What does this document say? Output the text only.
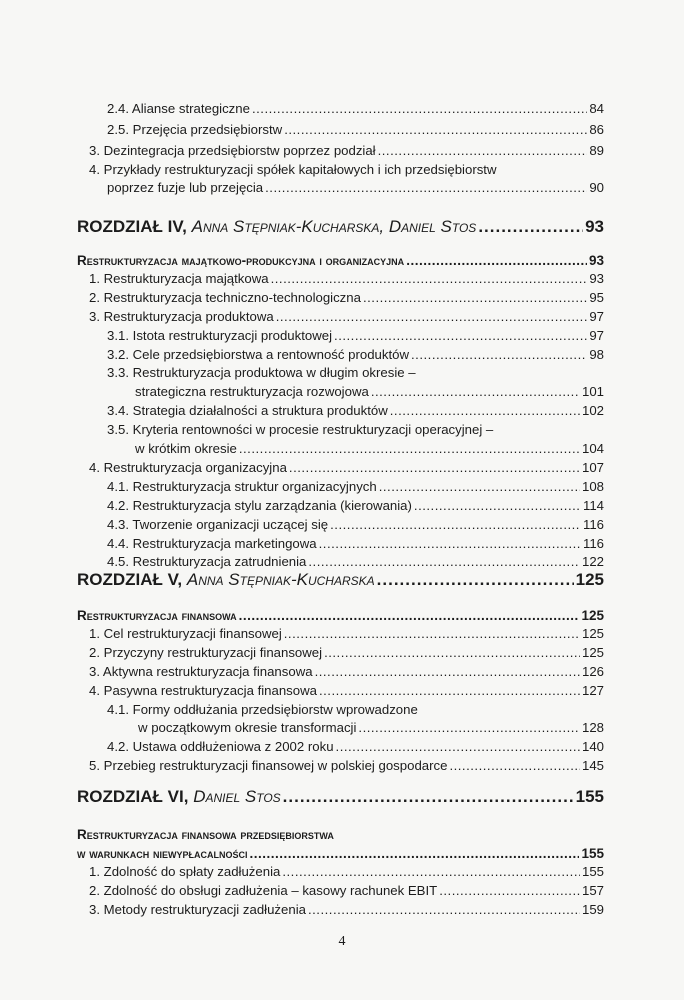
2.4. Alianse strategiczne .....	84
2.5. Przejęcia przedsiębiorstw .....	86
3. Dezintegracja przedsiębiorstw poprzez podział .....	89
4. Przykłady restrukturyzacji spółek kapitałowych i ich przedsiębiorstw
poprzez fuzje lub przejęcia .....	90
ROZDZIAŁ IV, Anna Stępniak-Kucharska, Daniel Stos .....	93
Restrukturyzacja majątkowo-produkcyjna i organizacyjna .....	93
1. Restrukturyzacja majątkowa .....	93
2. Restrukturyzacja techniczno-technologiczna .....	95
3. Restrukturyzacja produktowa .....	97
3.1. Istota restrukturyzacji produktowej .....	97
3.2. Cele przedsiębiorstwa a rentowność produktów .....	98
3.3. Restrukturyzacja produktowa w długim okresie –
strategiczna restrukturyzacja rozwojowa .....	101
3.4. Strategia działalności a struktura produktów .....	102
3.5. Kryteria rentowności w procesie restrukturyzacji operacyjnej –
w krótkim okresie .....	104
4. Restrukturyzacja organizacyjna .....	107
4.1. Restrukturyzacja struktur organizacyjnych .....	108
4.2. Restrukturyzacja stylu zarządzania (kierowania) .....	114
4.3. Tworzenie organizacji uczącej się .....	116
4.4. Restrukturyzacja marketingowa .....	116
4.5. Restrukturyzacja zatrudnienia .....	122
ROZDZIAŁ V, Anna Stępniak-Kucharska .....	125
Restrukturyzacja finansowa .....	125
1. Cel restrukturyzacji finansowej .....	125
2. Przyczyny restrukturyzacji finansowej .....	125
3. Aktywna restrukturyzacja finansowa .....	126
4. Pasywna restrukturyzacja finansowa .....	127
4.1. Formy oddłużania przedsiębiorstw wprowadzone
w początkowym okresie transformacji .....	128
4.2. Ustawa oddłużeniowa z 2002 roku .....	140
5. Przebieg restrukturyzacji finansowej w polskiej gospodarce .....	145
ROZDZIAŁ VI, Daniel Stos .....	155
Restrukturyzacja finansowa przedsiębiorstwa
w warunkach niewypłacalności .....	155
1. Zdolność do spłaty zadłużenia .....	155
2. Zdolność do obsługi zadłużenia – kasowy rachunek EBIT .....	157
3. Metody restrukturyzacji zadłużenia .....	159
4
